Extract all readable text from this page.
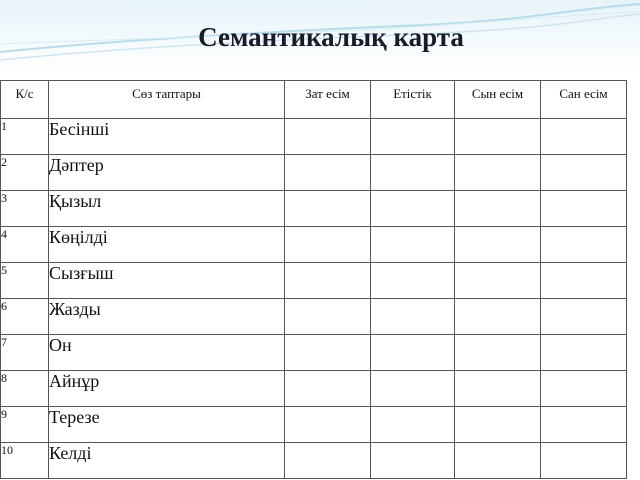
Семантикалық карта
К/с	Сөз таптары	Зат есім	Етістік	Сын есім	Сан есім
1	Бесінші				
2	Дәптер				
3	Қызыл				
4	Көңілді				
5	Сызғыш				
6	Жазды				
7	Он				
8	Айнұр				
9	Терезе				
10	Келді				
